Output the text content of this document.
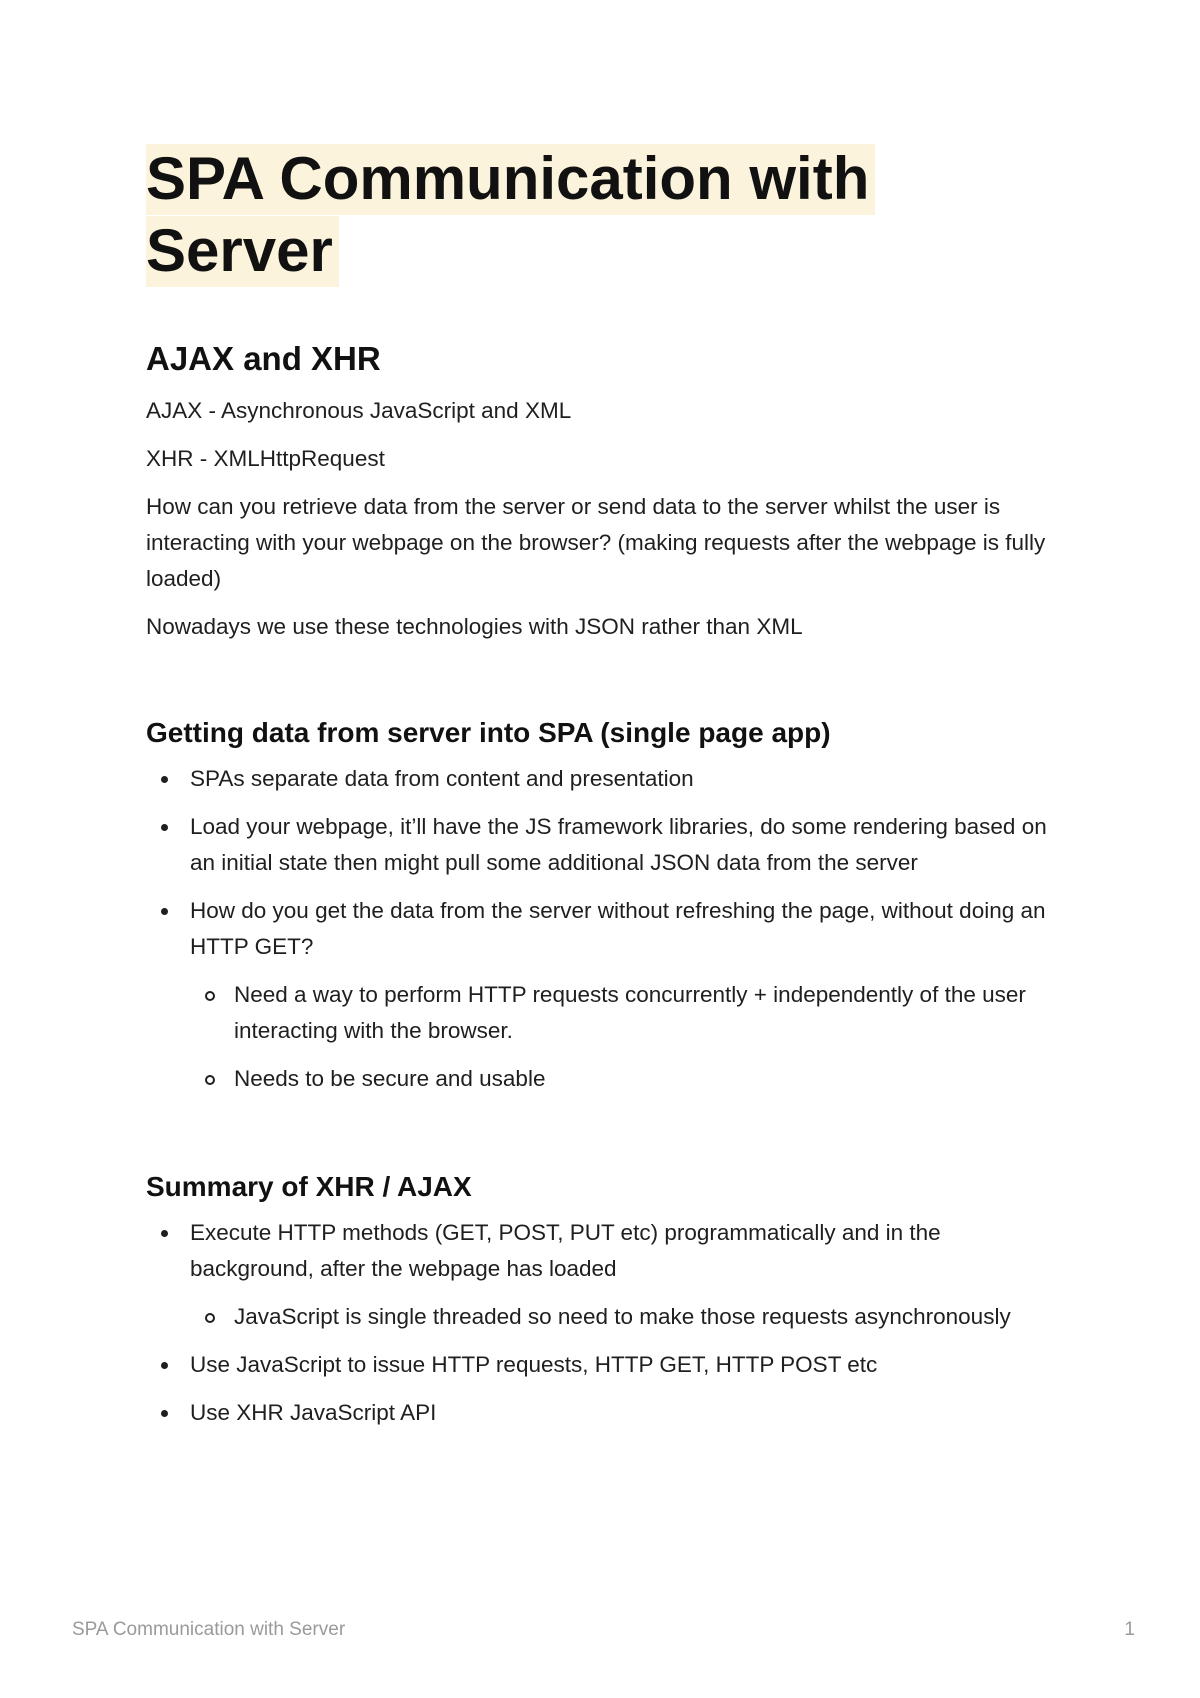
SPA Communication with
Server
AJAX and XHR

AJAX - Asynchronous JavaScript and XML

XHR - XMLHttpRequest

How can you retrieve data from the server or send data to the server whilst the user is interacting with your webpage on the browser? (making requests after the webpage is fully loaded)

Nowadays we use these technologies with JSON rather than XML

Getting data from server into SPA (single page app)
SPAs separate data from content and presentation
Load your webpage, it’ll have the JS framework libraries, do some rendering based on an initial state then might pull some additional JSON data from the server
How do you get the data from the server without refreshing the page, without doing an HTTP GET?
Need a way to perform HTTP requests concurrently + independently of the user interacting with the browser.
Needs to be secure and usable
Summary of XHR / AJAX
Execute HTTP methods (GET, POST, PUT etc) programmatically and in the background, after the webpage has loaded
JavaScript is single threaded so need to make those requests asynchronously
Use JavaScript to issue HTTP requests, HTTP GET, HTTP POST etc
Use XHR JavaScript API
SPA Communication with Server	1
